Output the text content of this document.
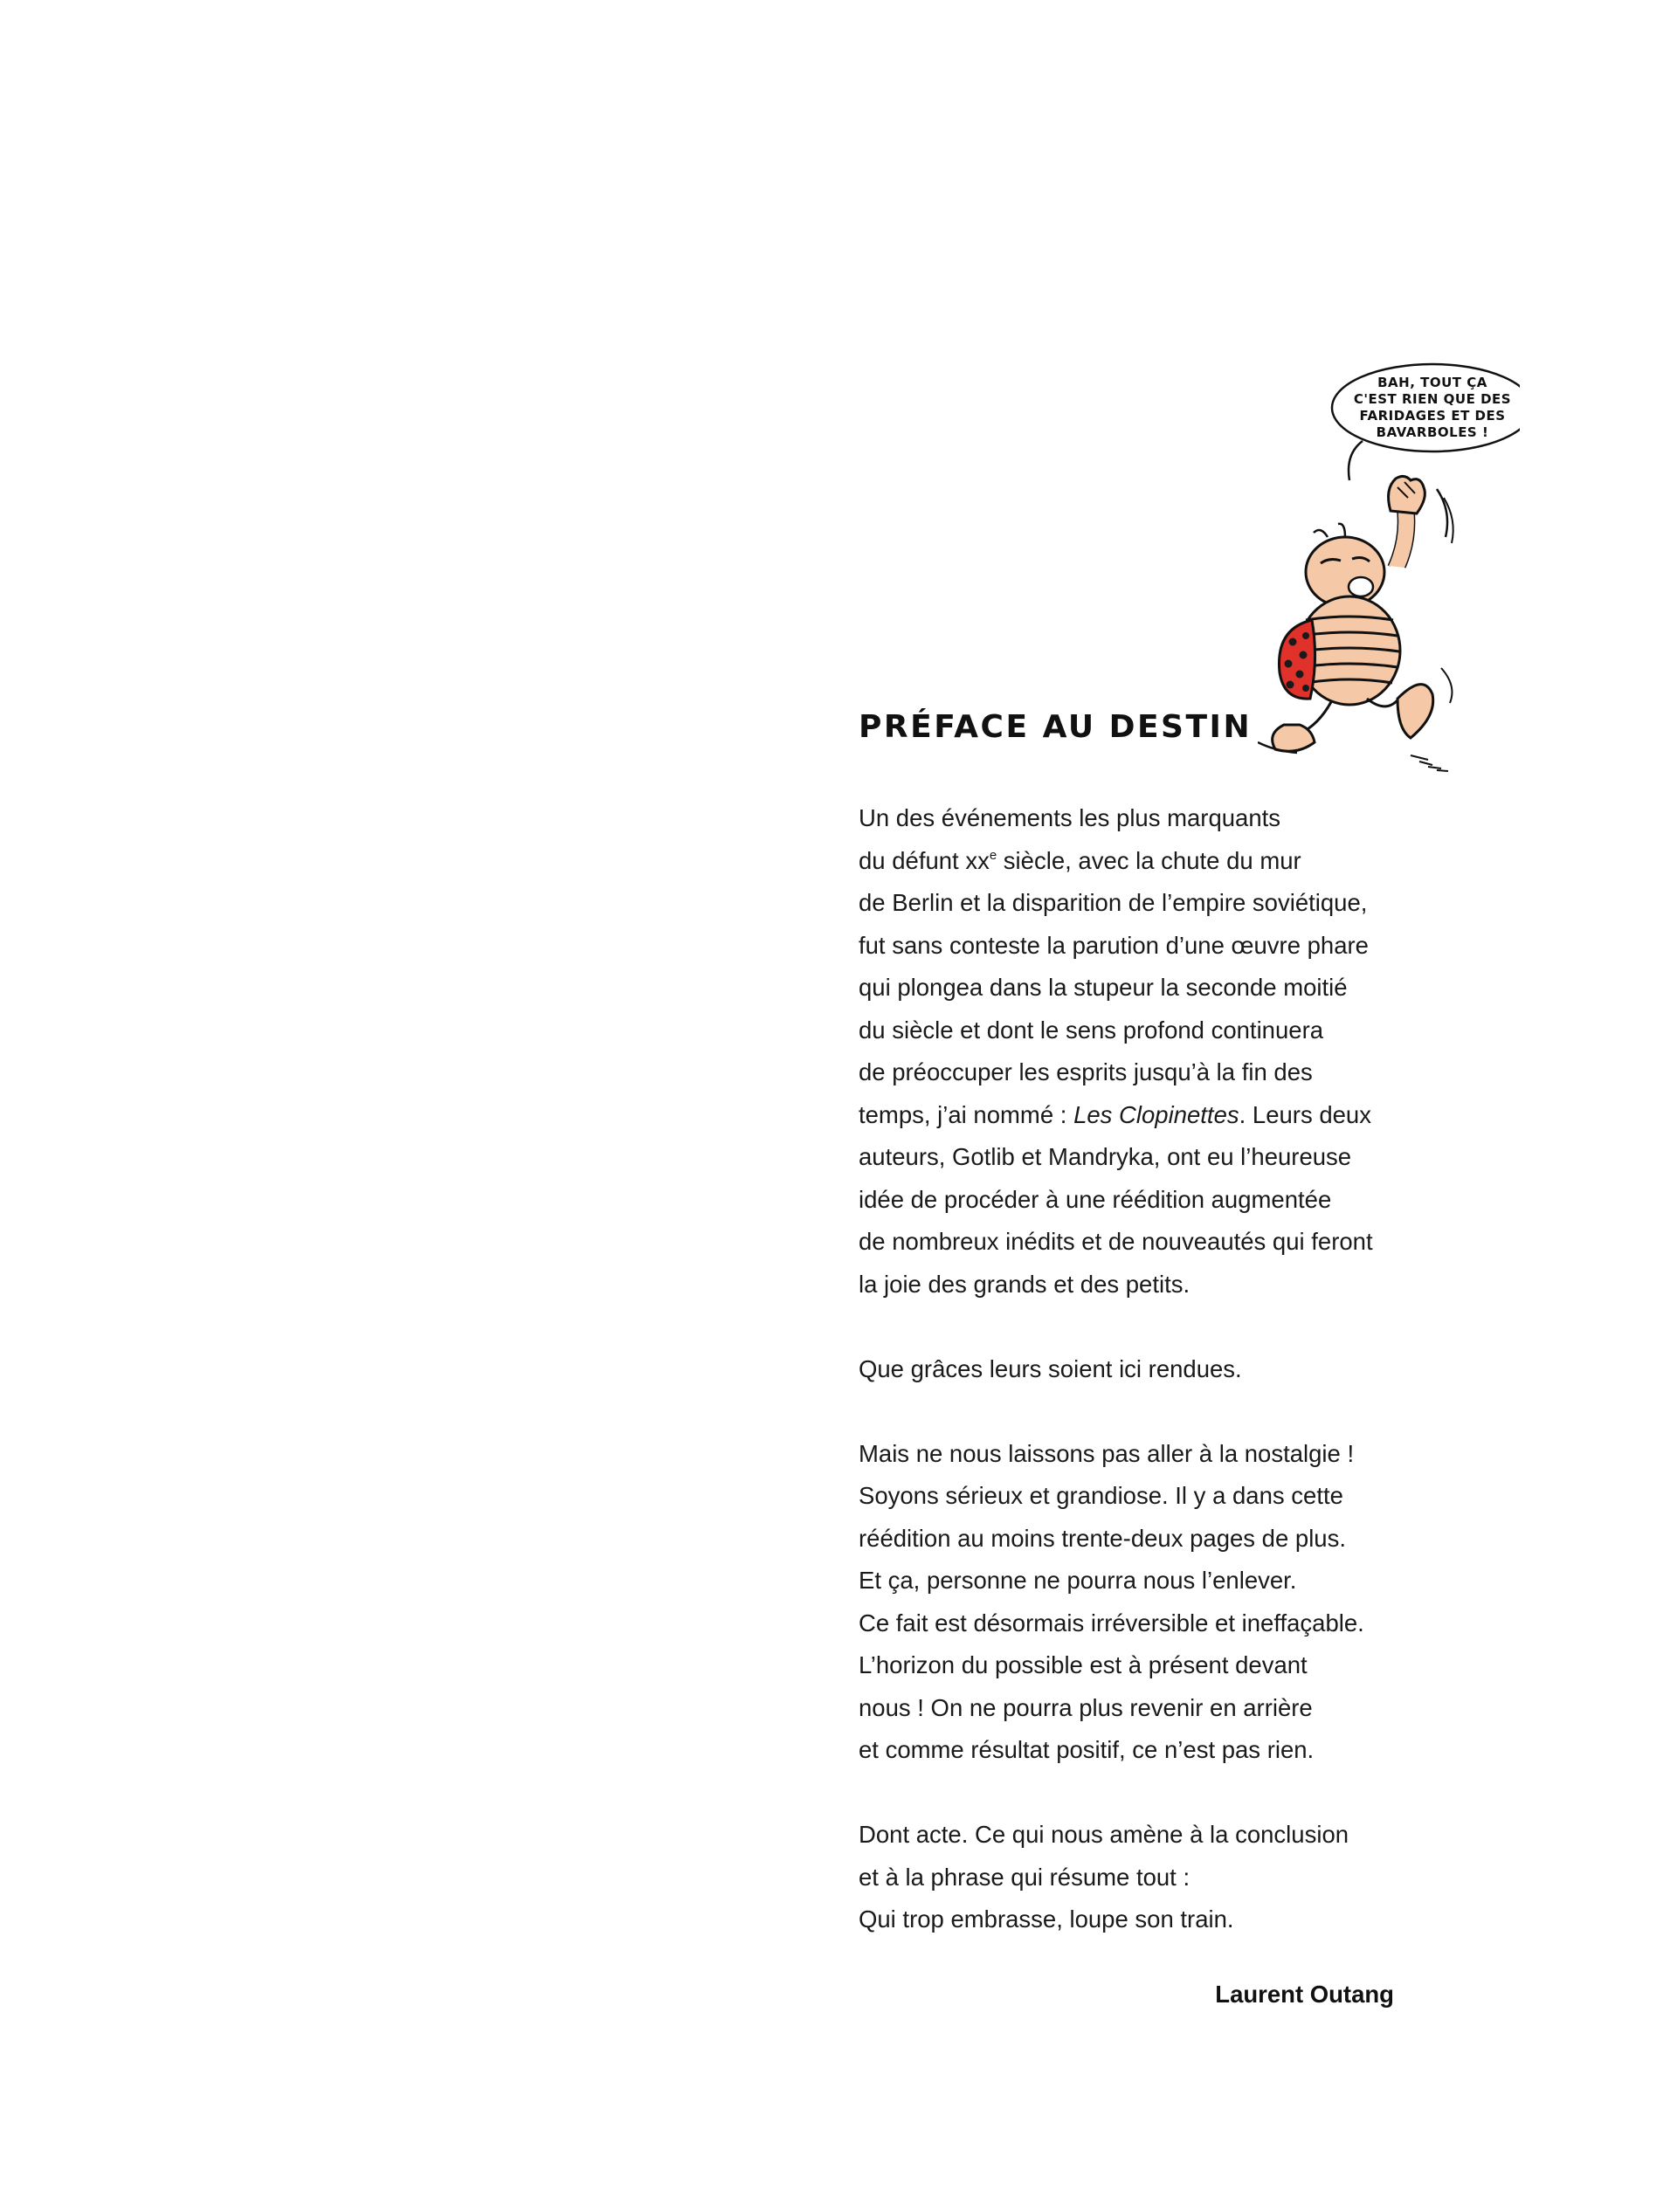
BAH, TOUT ÇA
C'EST RIEN QUE DES
FARIDAGES ET DES
BAVARBOLES !
PRÉFACE AU DESTIN
Un des événements les plus marquants
du défunt $xx^e$ siècle, avec la chute du mur
de Berlin et la disparition de l’empire soviétique,
fut sans conteste la parution d’une œuvre phare
qui plongea dans la stupeur la seconde moitié
du siècle et dont le sens profond continuera
de préoccuper les esprits jusqu’à la fin des
temps, j’ai nommé : Les Clopinettes. Leurs deux
auteurs, Gotlib et Mandryka, ont eu l’heureuse
idée de procéder à une réédition augmentée
de nombreux inédits et de nouveautés qui feront
la joie des grands et des petits.
Que grâces leurs soient ici rendues.
Mais ne nous laissons pas aller à la nostalgie !
Soyons sérieux et grandiose. Il y a dans cette
réédition au moins trente-deux pages de plus.
Et ça, personne ne pourra nous l’enlever.
Ce fait est désormais irréversible et ineffaçable.
L’horizon du possible est à présent devant
nous ! On ne pourra plus revenir en arrière
et comme résultat positif, ce n’est pas rien.
Dont acte. Ce qui nous amène à la conclusion
et à la phrase qui résume tout :
Qui trop embrasse, loupe son train.
Laurent Outang
